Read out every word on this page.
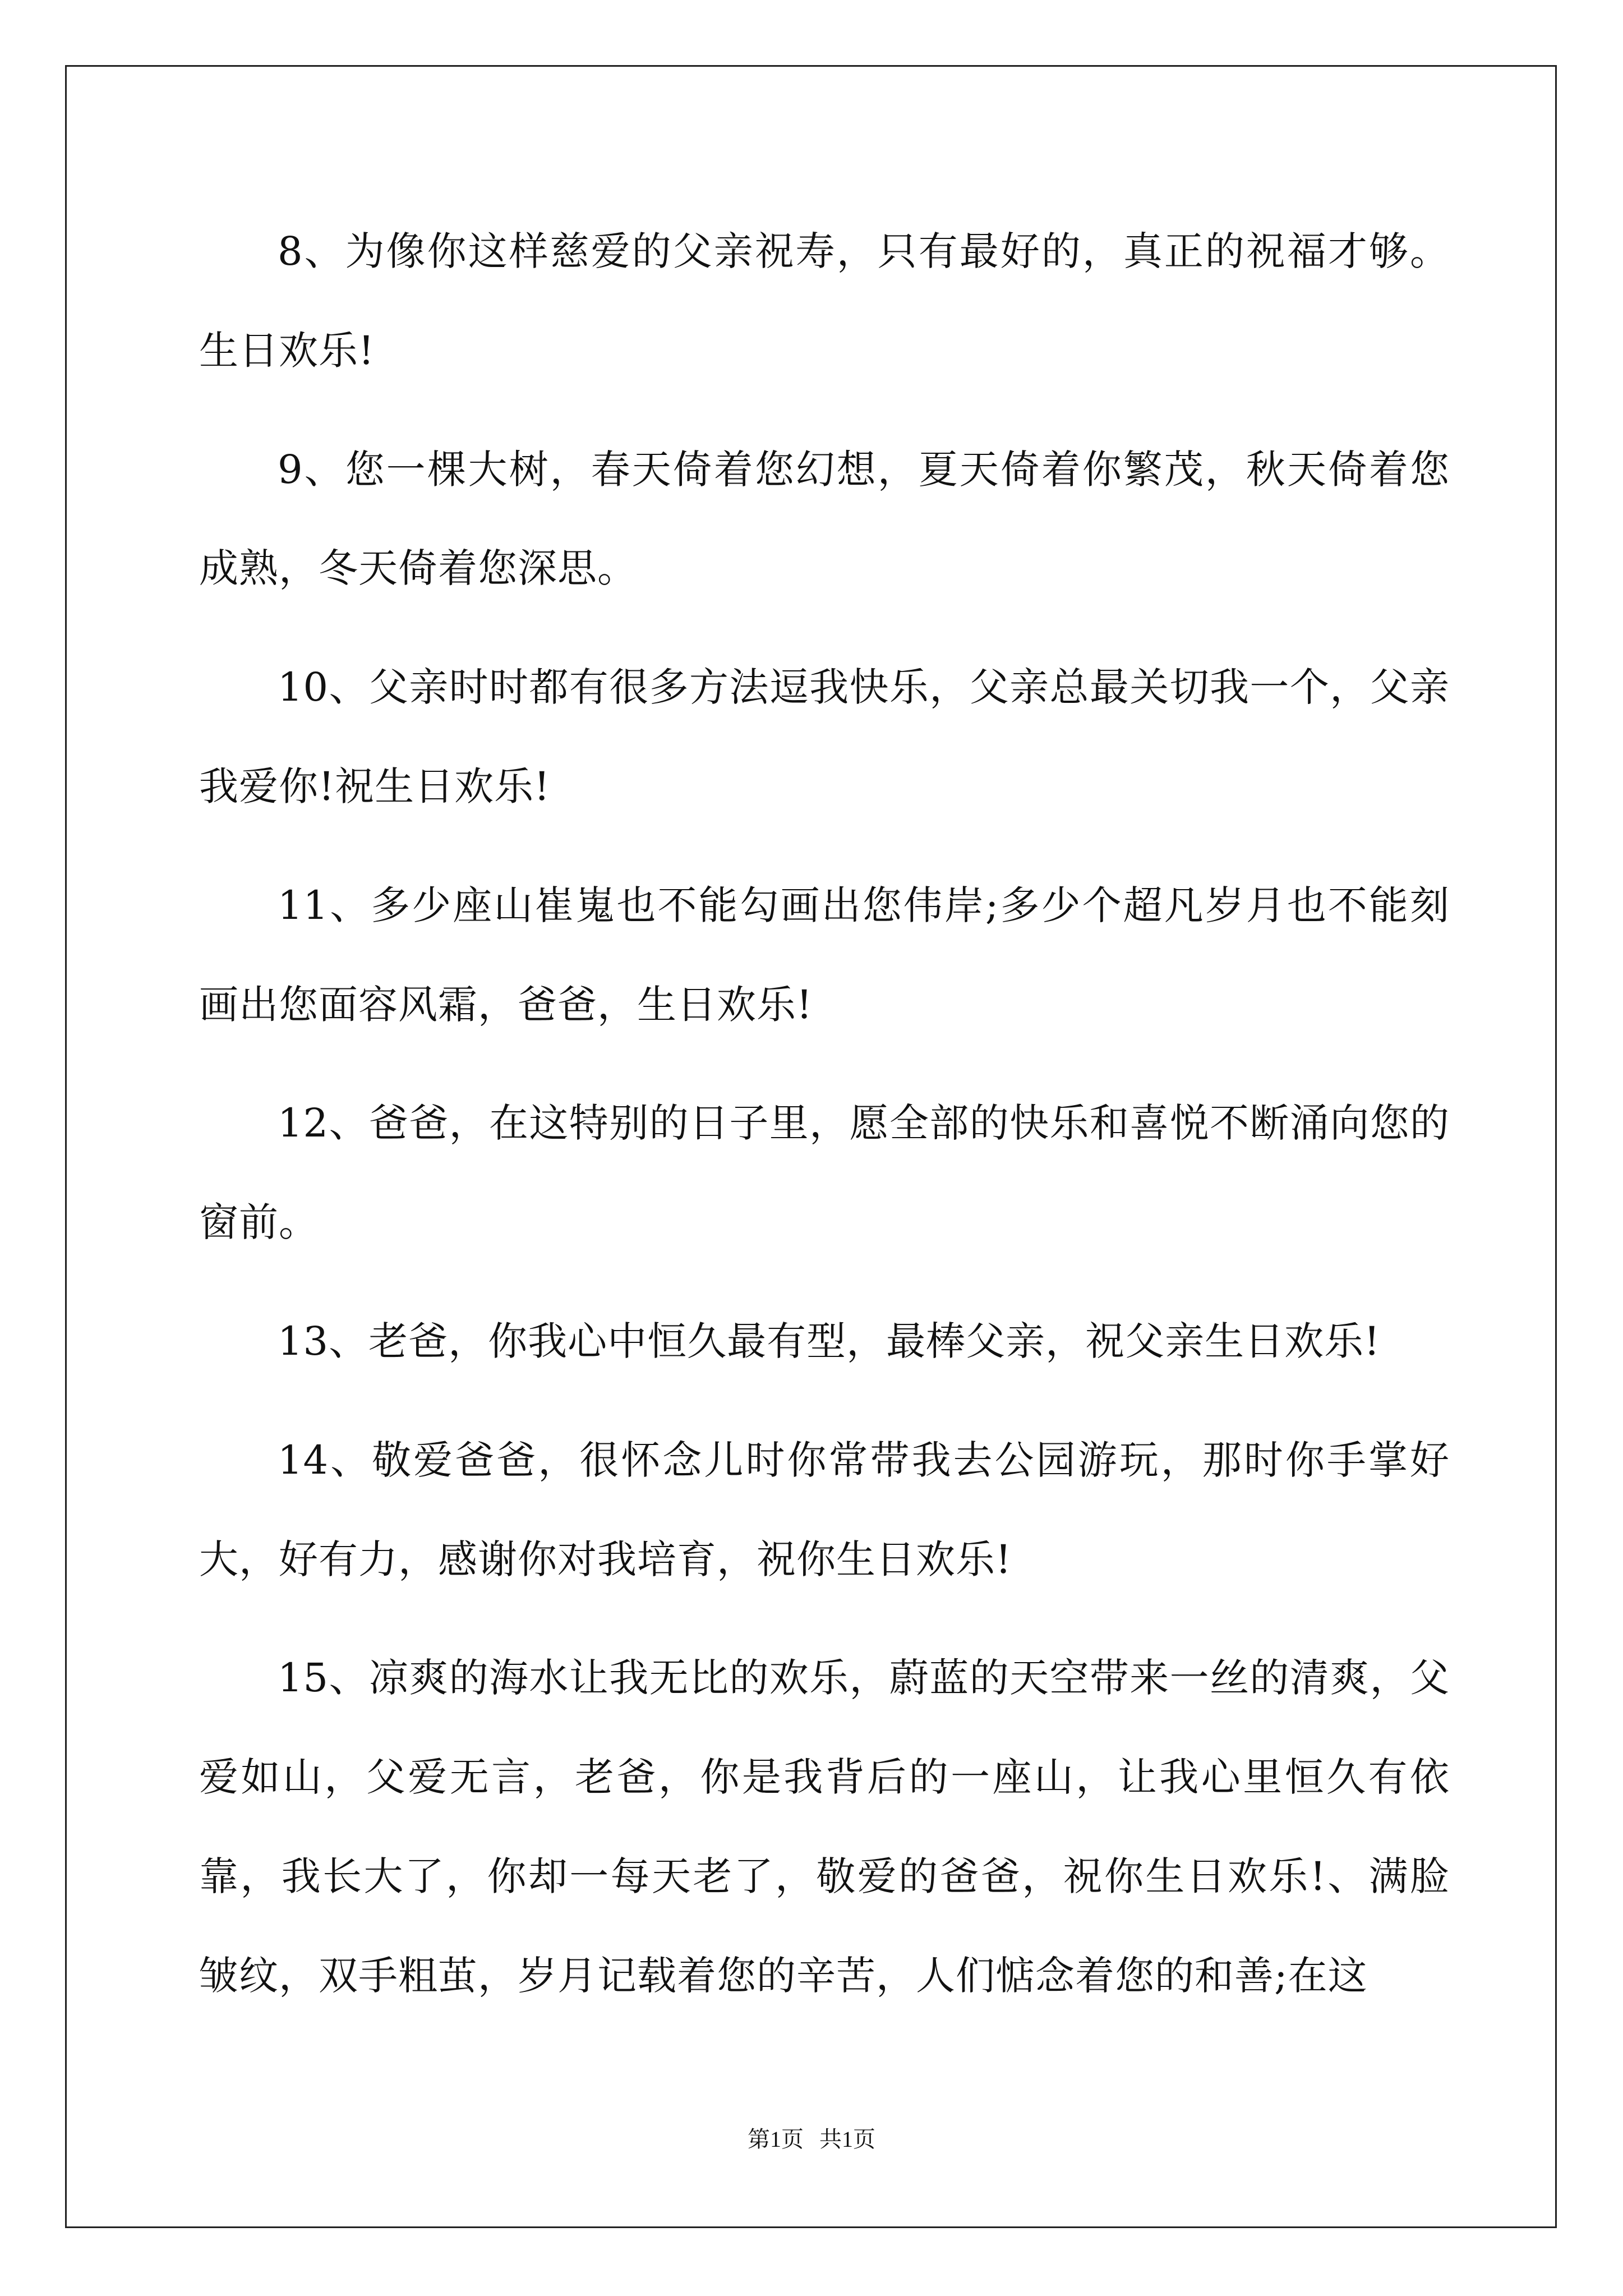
8、为像你这样慈爱的父亲祝寿，只有最好的，真正的祝福才够。生日欢乐!

9、您一棵大树，春天倚着您幻想，夏天倚着你繁茂，秋天倚着您成熟，冬天倚着您深思。

10、父亲时时都有很多方法逗我快乐，父亲总最关切我一个，父亲我爱你!祝生日欢乐!

11、多少座山崔嵬也不能勾画出您伟岸;多少个超凡岁月也不能刻画出您面容风霜，爸爸，生日欢乐!

12、爸爸，在这特别的日子里，愿全部的快乐和喜悦不断涌向您的窗前。

13、老爸，你我心中恒久最有型，最棒父亲，祝父亲生日欢乐!

14、敬爱爸爸，很怀念儿时你常带我去公园游玩，那时你手掌好大，好有力，感谢你对我培育，祝你生日欢乐!

15、凉爽的海水让我无比的欢乐，蔚蓝的天空带来一丝的清爽，父爱如山，父爱无言，老爸，你是我背后的一座山，让我心里恒久有依靠，我长大了，你却一每天老了，敬爱的爸爸，祝你生日欢乐!、满脸皱纹，双手粗茧，岁月记载着您的辛苦，人们惦念着您的和善;在这

第1页 共1页
